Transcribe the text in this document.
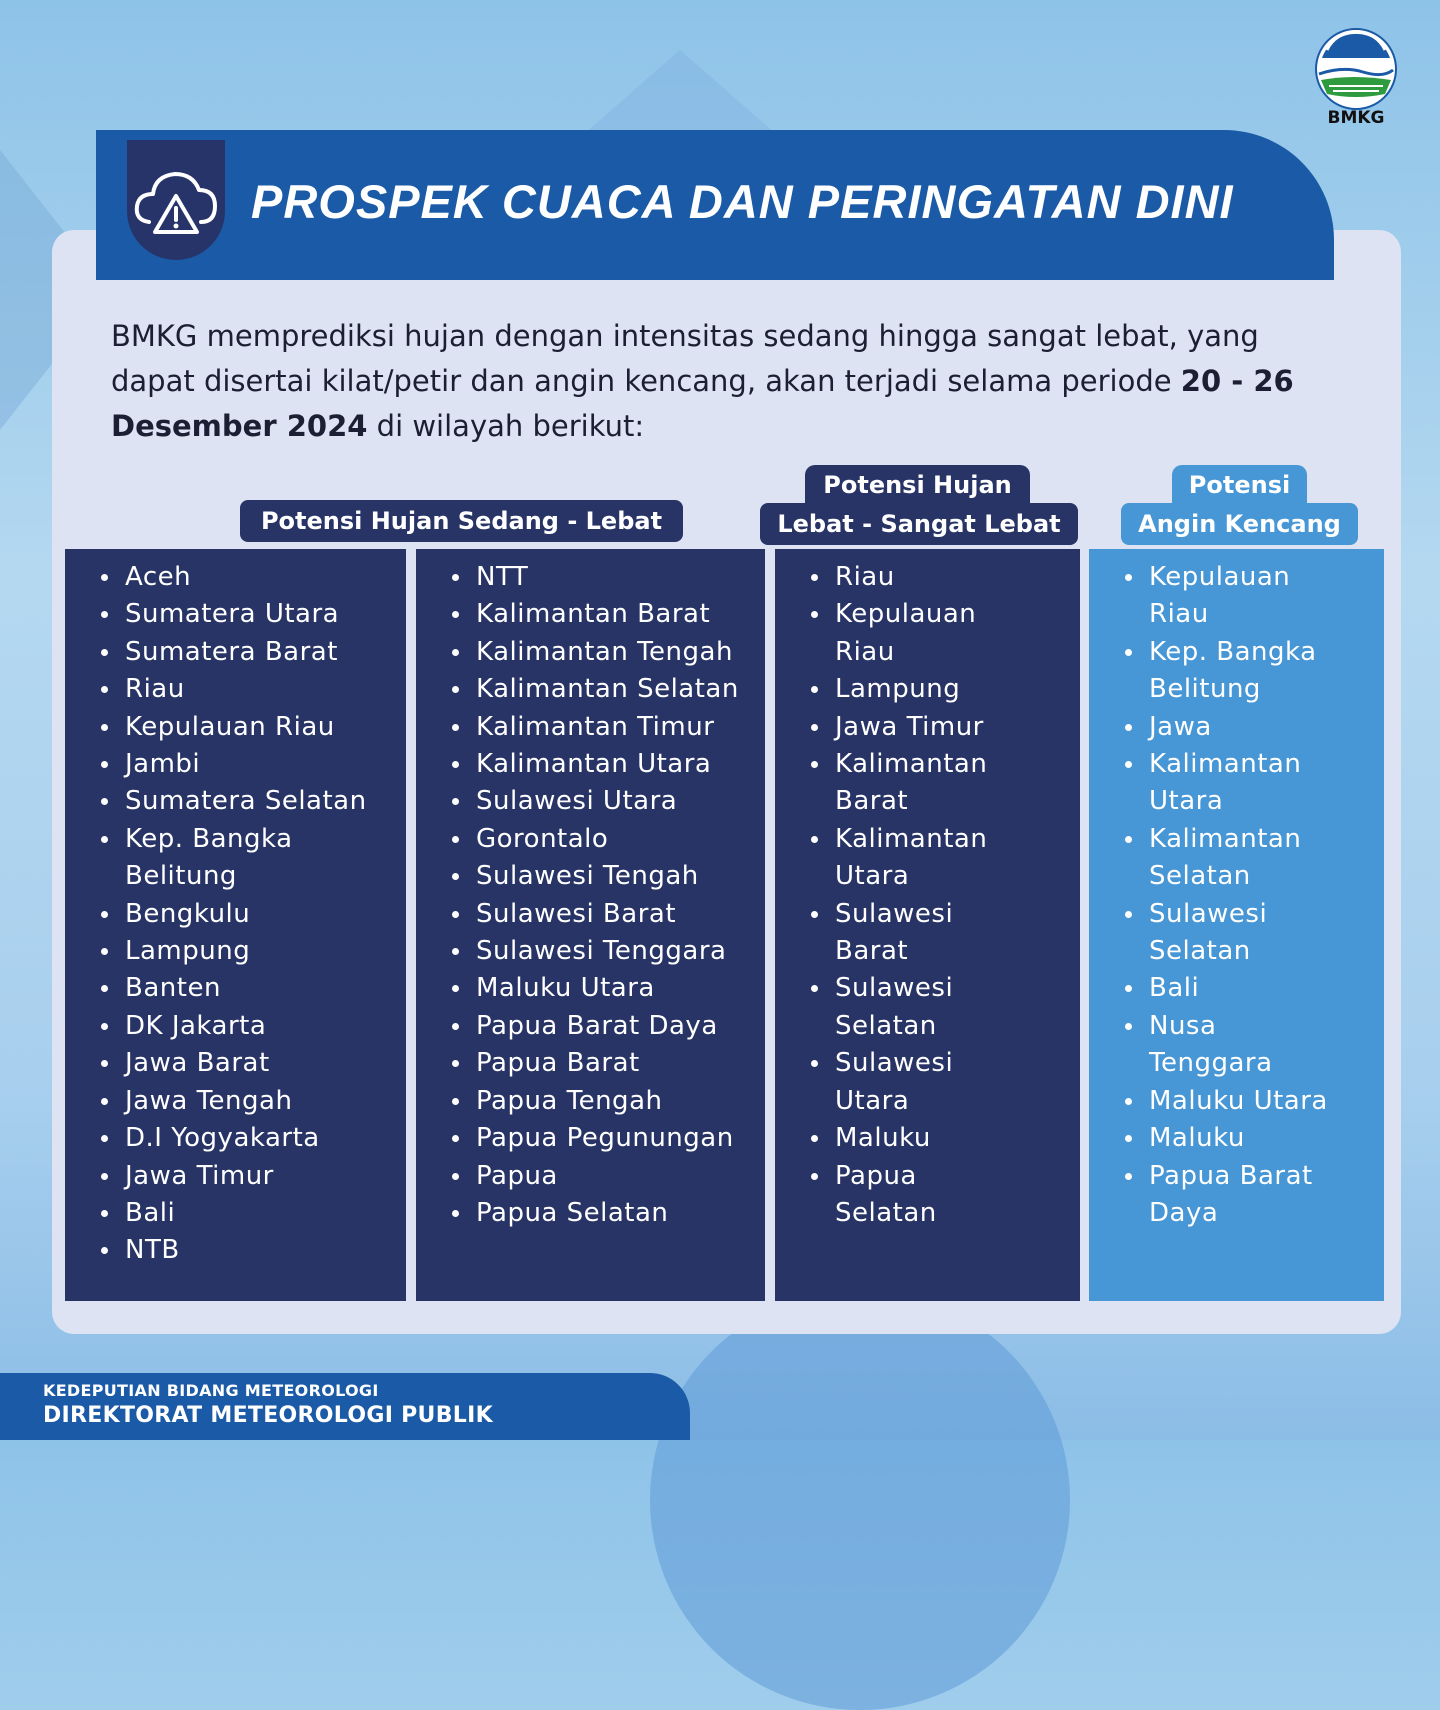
BMKG
PROSPEK CUACA DAN PERINGATAN DINI
BMKG memprediksi hujan dengan intensitas sedang hingga sangat lebat, yang dapat disertai kilat/petir dan angin kencang, akan terjadi selama periode 20 - 26 Desember 2024 di wilayah berikut:
Potensi Hujan Sedang - Lebat
Potensi Hujan
Lebat - Sangat Lebat
Potensi
Angin Kencang
Aceh
Sumatera Utara
Sumatera Barat
Riau
Kepulauan Riau
Jambi
Sumatera Selatan
Kep. Bangka Belitung
Bengkulu
Lampung
Banten
DK Jakarta
Jawa Barat
Jawa Tengah
D.I Yogyakarta
Jawa Timur
Bali
NTB
NTT
Kalimantan Barat
Kalimantan Tengah
Kalimantan Selatan
Kalimantan Timur
Kalimantan Utara
Sulawesi Utara
Gorontalo
Sulawesi Tengah
Sulawesi Barat
Sulawesi Tenggara
Maluku Utara
Papua Barat Daya
Papua Barat
Papua Tengah
Papua Pegunungan
Papua
Papua Selatan
Riau
Kepulauan Riau
Lampung
Jawa Timur
Kalimantan Barat
Kalimantan Utara
Sulawesi Barat
Sulawesi Selatan
Sulawesi Utara
Maluku
Papua Selatan
Kepulauan Riau
Kep. Bangka Belitung
Jawa
Kalimantan Utara
Kalimantan Selatan
Sulawesi Selatan
Bali
Nusa Tenggara
Maluku Utara
Maluku
Papua Barat Daya
KEDEPUTIAN BIDANG METEOROLOGI
DIREKTORAT METEOROLOGI PUBLIK
